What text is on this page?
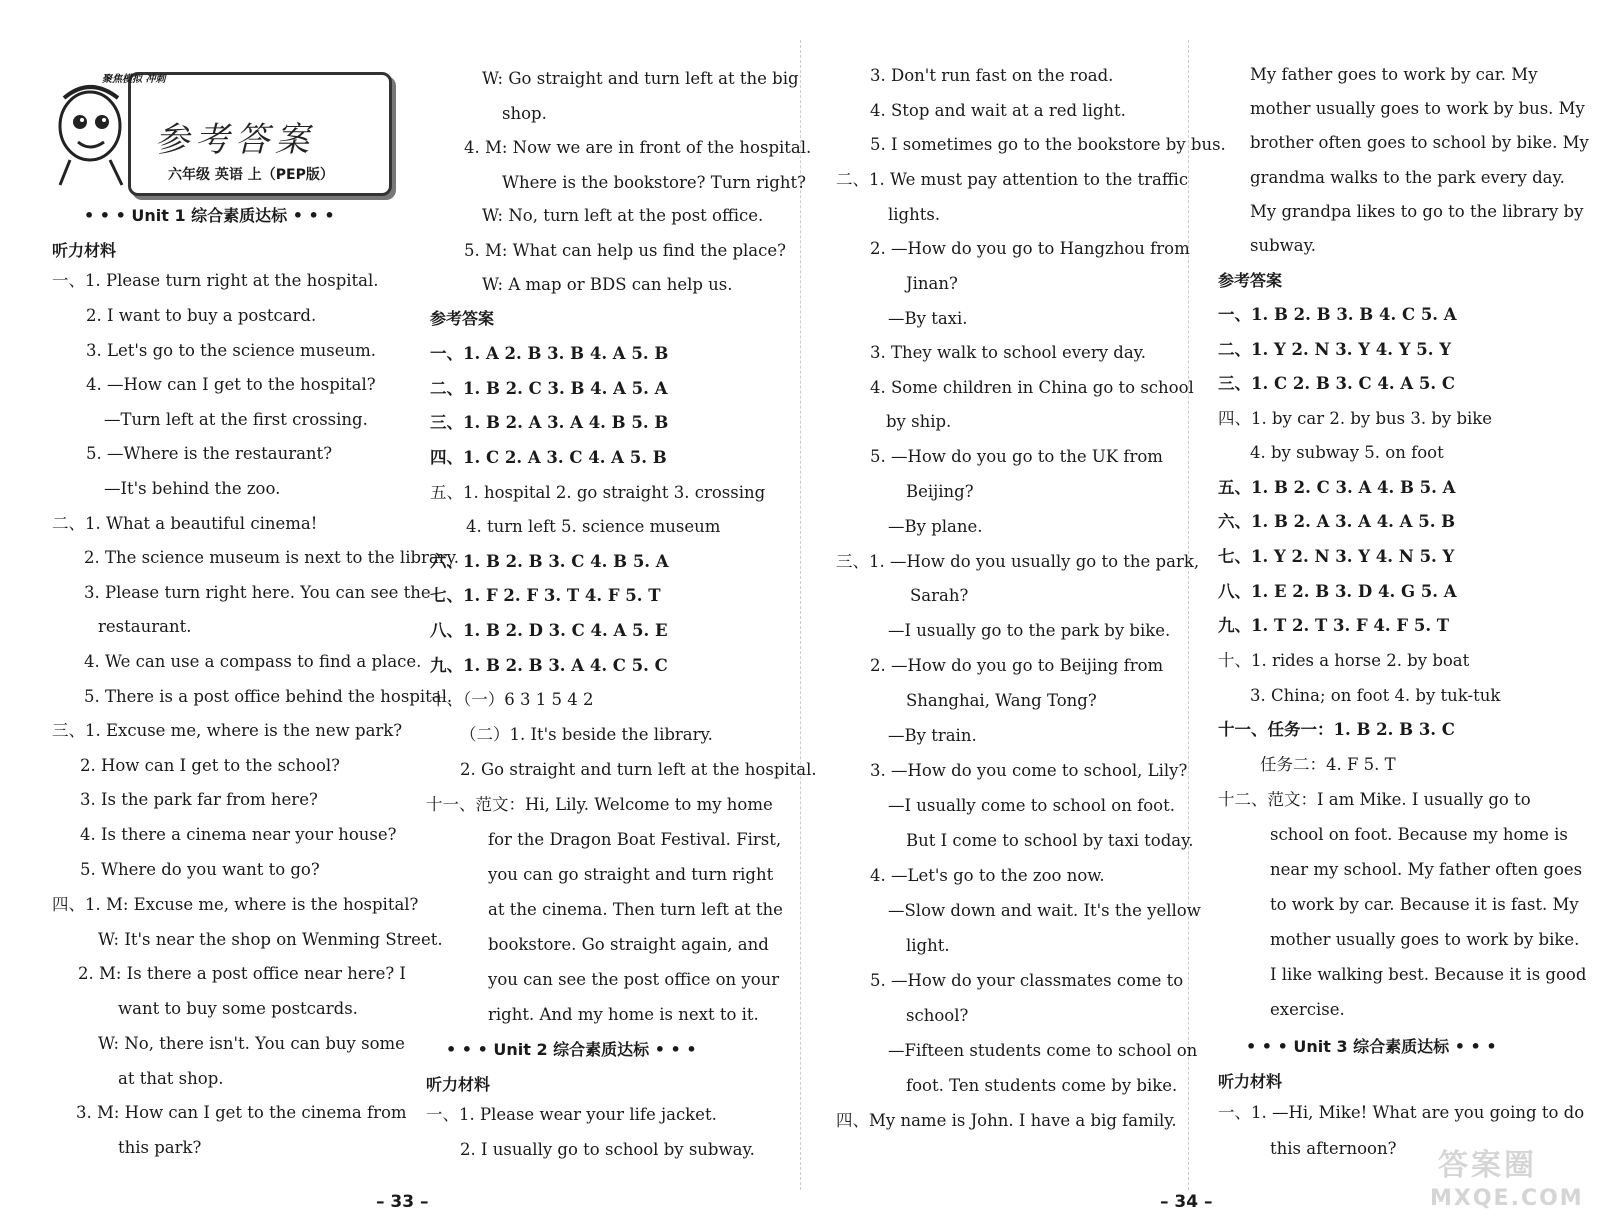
聚焦模拟 冲刺
参考答案
六年级 英语 上（PEP版）
• • • Unit 1 综合素质达标 • • •
听力材料
一、1. Please turn right at the hospital.
2. I want to buy a postcard.
3. Let's go to the science museum.
4. —How can I get to the hospital?
—Turn left at the first crossing.
5. —Where is the restaurant?
—It's behind the zoo.
二、1. What a beautiful cinema!
2. The science museum is next to the library.
3. Please turn right here. You can see the
restaurant.
4. We can use a compass to find a place.
5. There is a post office behind the hospital.
三、1. Excuse me, where is the new park?
2. How can I get to the school?
3. Is the park far from here?
4. Is there a cinema near your house?
5. Where do you want to go?
四、1. M: Excuse me, where is the hospital?
W: It's near the shop on Wenming Street.
2. M: Is there a post office near here? I
want to buy some postcards.
W: No, there isn't. You can buy some
at that shop.
3. M: How can I get to the cinema from
this park?
W: Go straight and turn left at the big
shop.
4. M: Now we are in front of the hospital.
Where is the bookstore? Turn right?
W: No, turn left at the post office.
5. M: What can help us find the place?
W: A map or BDS can help us.
参考答案
一、1. A 2. B 3. B 4. A 5. B
二、1. B 2. C 3. B 4. A 5. A
三、1. B 2. A 3. A 4. B 5. B
四、1. C 2. A 3. C 4. A 5. B
五、1. hospital 2. go straight 3. crossing
4. turn left 5. science museum
六、1. B 2. B 3. C 4. B 5. A
七、1. F 2. F 3. T 4. F 5. T
八、1. B 2. D 3. C 4. A 5. E
九、1. B 2. B 3. A 4. C 5. C
十、（一）6 3 1 5 4 2
（二）1. It's beside the library.
2. Go straight and turn left at the hospital.
十一、范文：Hi, Lily. Welcome to my home
for the Dragon Boat Festival. First,
you can go straight and turn right
at the cinema. Then turn left at the
bookstore. Go straight again, and
you can see the post office on your
right. And my home is next to it.
• • • Unit 2 综合素质达标 • • •
听力材料
一、1. Please wear your life jacket.
2. I usually go to school by subway.
3. Don't run fast on the road.
4. Stop and wait at a red light.
5. I sometimes go to the bookstore by bus.
二、1. We must pay attention to the traffic
lights.
2. —How do you go to Hangzhou from
Jinan?
—By taxi.
3. They walk to school every day.
4. Some children in China go to school
by ship.
5. —How do you go to the UK from
Beijing?
—By plane.
三、1. —How do you usually go to the park,
Sarah?
—I usually go to the park by bike.
2. —How do you go to Beijing from
Shanghai, Wang Tong?
—By train.
3. —How do you come to school, Lily?
—I usually come to school on foot.
But I come to school by taxi today.
4. —Let's go to the zoo now.
—Slow down and wait. It's the yellow
light.
5. —How do your classmates come to
school?
—Fifteen students come to school on
foot. Ten students come by bike.
四、My name is John. I have a big family.
My father goes to work by car. My
mother usually goes to work by bus. My
brother often goes to school by bike. My
grandma walks to the park every day.
My grandpa likes to go to the library by
subway.
参考答案
一、1. B 2. B 3. B 4. C 5. A
二、1. Y 2. N 3. Y 4. Y 5. Y
三、1. C 2. B 3. C 4. A 5. C
四、1. by car 2. by bus 3. by bike
4. by subway 5. on foot
五、1. B 2. C 3. A 4. B 5. A
六、1. B 2. A 3. A 4. A 5. B
七、1. Y 2. N 3. Y 4. N 5. Y
八、1. E 2. B 3. D 4. G 5. A
九、1. T 2. T 3. F 4. F 5. T
十、1. rides a horse 2. by boat
3. China; on foot 4. by tuk-tuk
十一、任务一：1. B 2. B 3. C
任务二：4. F 5. T
十二、范文：I am Mike. I usually go to
school on foot. Because my home is
near my school. My father often goes
to work by car. Because it is fast. My
mother usually goes to work by bike.
I like walking best. Because it is good
exercise.
• • • Unit 3 综合素质达标 • • •
听力材料
一、1. —Hi, Mike! What are you going to do
this afternoon?
– 33 –	– 34 –
答案圈
MXQE.COM
